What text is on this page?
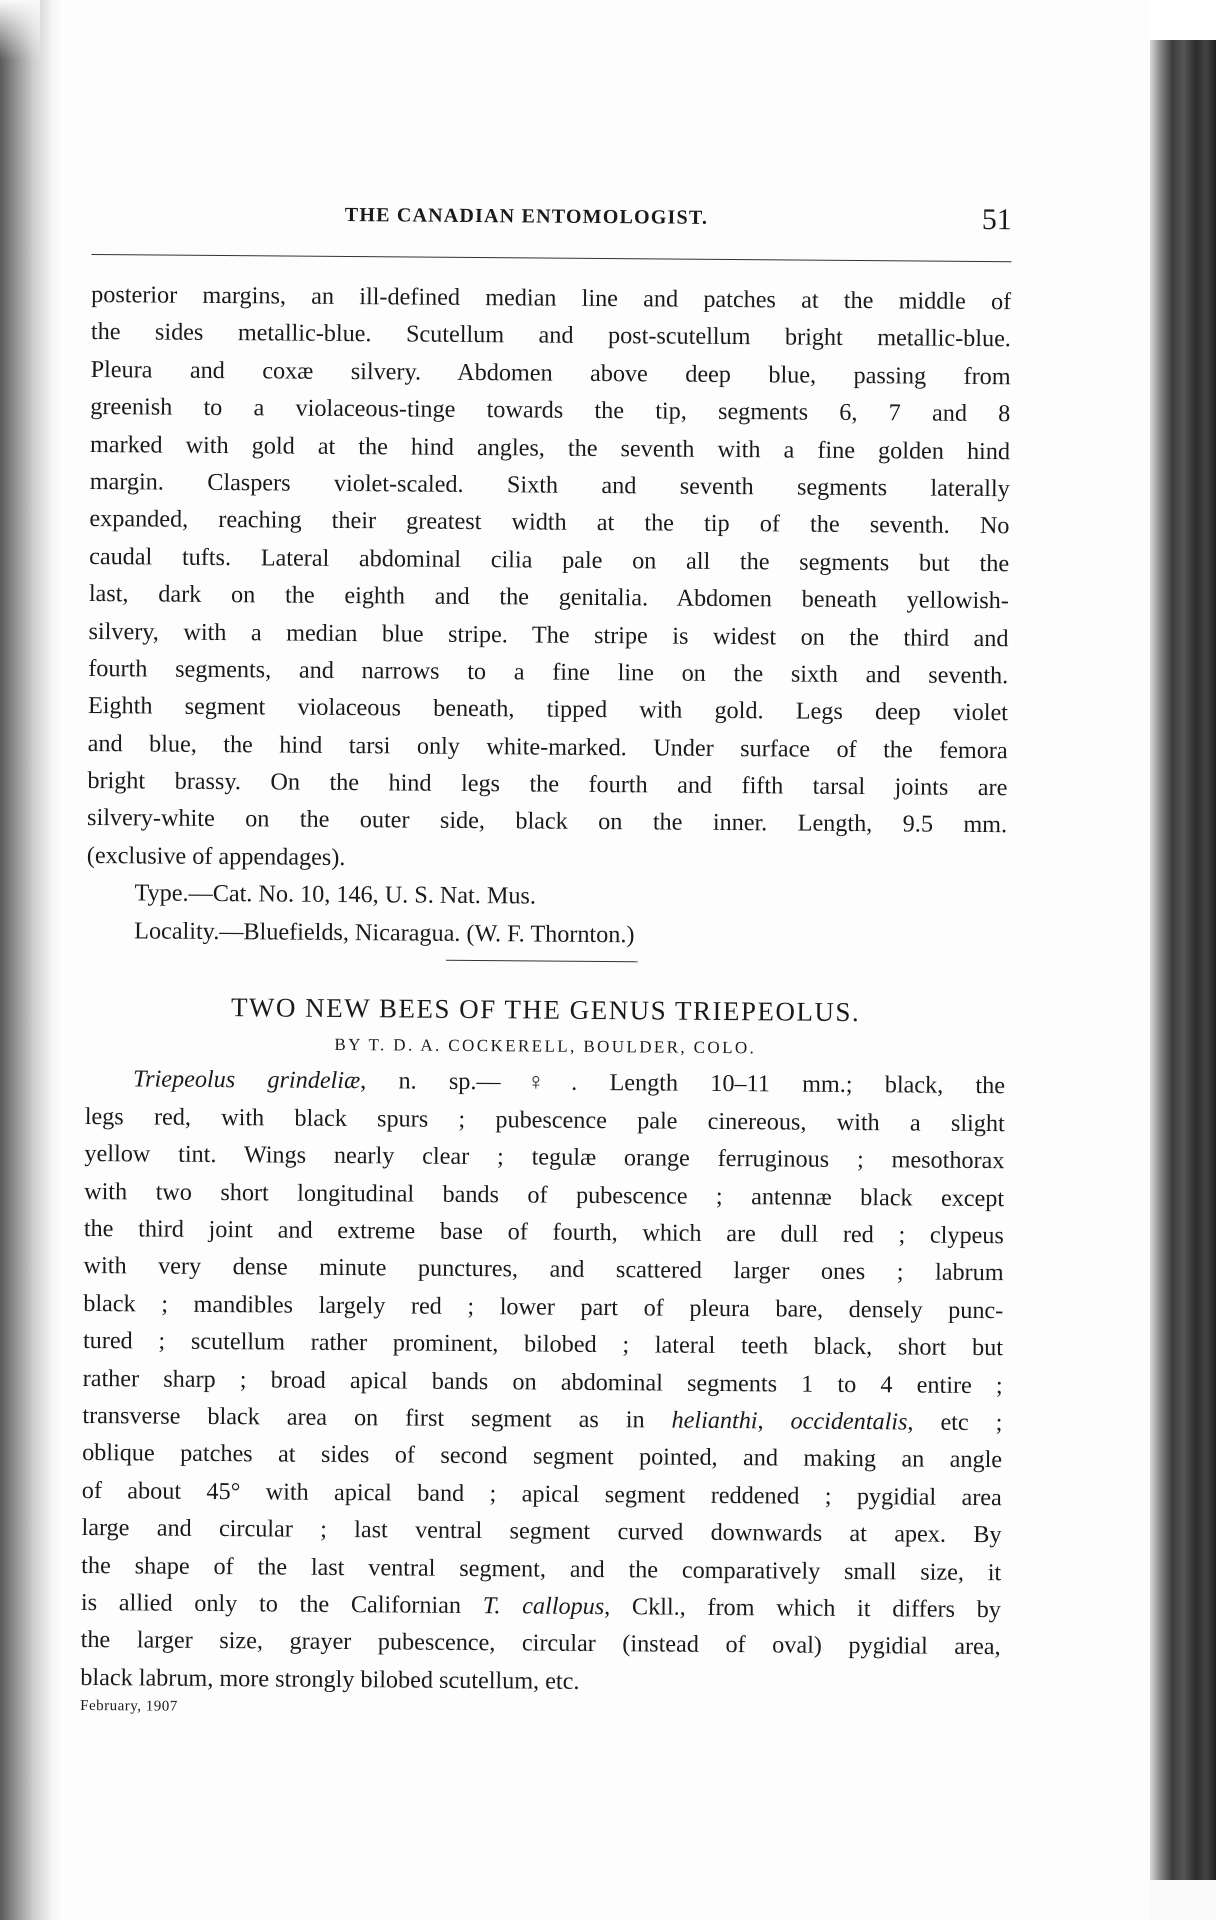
THE CANADIAN ENTOMOLOGIST.	51
posterior margins, an ill-defined median line and patches at the middle of
the sides metallic-blue. Scutellum and post-scutellum bright metallic-blue.
Pleura and coxæ silvery. Abdomen above deep blue, passing from
greenish to a violaceous-tinge towards the tip, segments 6, 7 and 8
marked with gold at the hind angles, the seventh with a fine golden hind
margin. Claspers violet-scaled. Sixth and seventh segments laterally
expanded, reaching their greatest width at the tip of the seventh. No
caudal tufts. Lateral abdominal cilia pale on all the segments but the
last, dark on the eighth and the genitalia. Abdomen beneath yellowish-
silvery, with a median blue stripe. The stripe is widest on the third and
fourth segments, and narrows to a fine line on the sixth and seventh.
Eighth segment violaceous beneath, tipped with gold. Legs deep violet
and blue, the hind tarsi only white-marked. Under surface of the femora
bright brassy. On the hind legs the fourth and fifth tarsal joints are
silvery-white on the outer side, black on the inner. Length, 9.5 mm.
(exclusive of appendages).
Type.—Cat. No. 10, 146, U. S. Nat. Mus.
Locality.—Bluefields, Nicaragua. (W. F. Thornton.)
TWO NEW BEES OF THE GENUS TRIEPEOLUS.
BY T. D. A. COCKERELL, BOULDER, COLO.
Triepeolus grindeliæ, n. sp.—♀. Length 10–11 mm.; black, the
legs red, with black spurs ; pubescence pale cinereous, with a slight
yellow tint. Wings nearly clear ; tegulæ orange ferruginous ; mesothorax
with two short longitudinal bands of pubescence ; antennæ black except
the third joint and extreme base of fourth, which are dull red ; clypeus
with very dense minute punctures, and scattered larger ones ; labrum
black ; mandibles largely red ; lower part of pleura bare, densely punc-
tured ; scutellum rather prominent, bilobed ; lateral teeth black, short but
rather sharp ; broad apical bands on abdominal segments 1 to 4 entire ;
transverse black area on first segment as in helianthi, occidentalis, etc ;
oblique patches at sides of second segment pointed, and making an angle
of about 45° with apical band ; apical segment reddened ; pygidial area
large and circular ; last ventral segment curved downwards at apex. By
the shape of the last ventral segment, and the comparatively small size, it
is allied only to the Californian T. callopus, Ckll., from which it differs by
the larger size, grayer pubescence, circular (instead of oval) pygidial area,
black labrum, more strongly bilobed scutellum, etc.
February, 1907
